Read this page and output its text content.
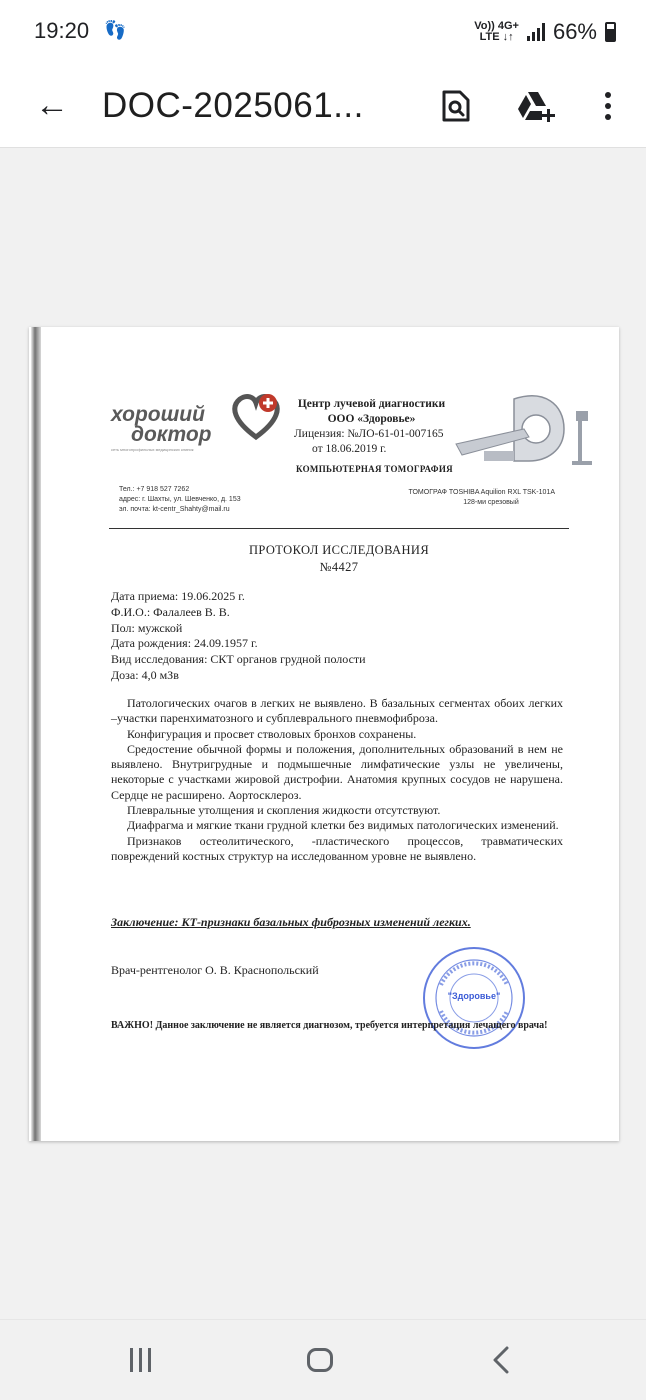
19:20 👣	Vo)) 4G+
LTE ↓↑ 66%
← DOC-2025061...
хороший
доктор
сеть многопрофильных медицинских клиник
Центр лучевой диагностики
ООО «Здоровье»
Лицензия: №ЛО-61-01-007165
от 18.06.2019 г.
КОМПЬЮТЕРНАЯ ТОМОГРАФИЯ
Тел.: +7 918 527 7262
адрес: г. Шахты, ул. Шевченко, д. 153
эл. почта: kt-centr_Shahty@mail.ru
ТОМОГРАФ TOSHIBA Aquilion RXL TSK-101A
128-ми срезовый
ПРОТОКОЛ ИССЛЕДОВАНИЯ
№4427
Дата приема: 19.06.2025 г.
Ф.И.О.: Фалалеев В. В.
Пол: мужской
Дата рождения: 24.09.1957 г.
Вид исследования: СКТ органов грудной полости
Доза: 4,0 мЗв

Патологических очагов в легких не выявлено. В базальных сегментах обоих легких –участки паренхиматозного и субплеврального пневмофиброза.

Конфигурация и просвет стволовых бронхов сохранены.

Средостение обычной формы и положения, дополнительных образований в нем не выявлено. Внутригрудные и подмышечные лимфатические узлы не увеличены, некоторые с участками жировой дистрофии. Анатомия крупных сосудов не нарушена. Сердце не расширено. Аортосклероз.

Плевральные утолщения и скопления жидкости отсутствуют.

Диафрагма и мягкие ткани грудной клетки без видимых патологических изменений.

Признаков остеолитического, -пластического процессов, травматических повреждений костных структур на исследованном уровне не выявлено.

Заключение: КТ-признаки базальных фиброзных изменений легких.
Врач-рентгенолог О. В. Краснопольский
"Здоровье"
ВАЖНО! Данное заключение не является диагнозом, требуется интерпретация лечащего врача!
